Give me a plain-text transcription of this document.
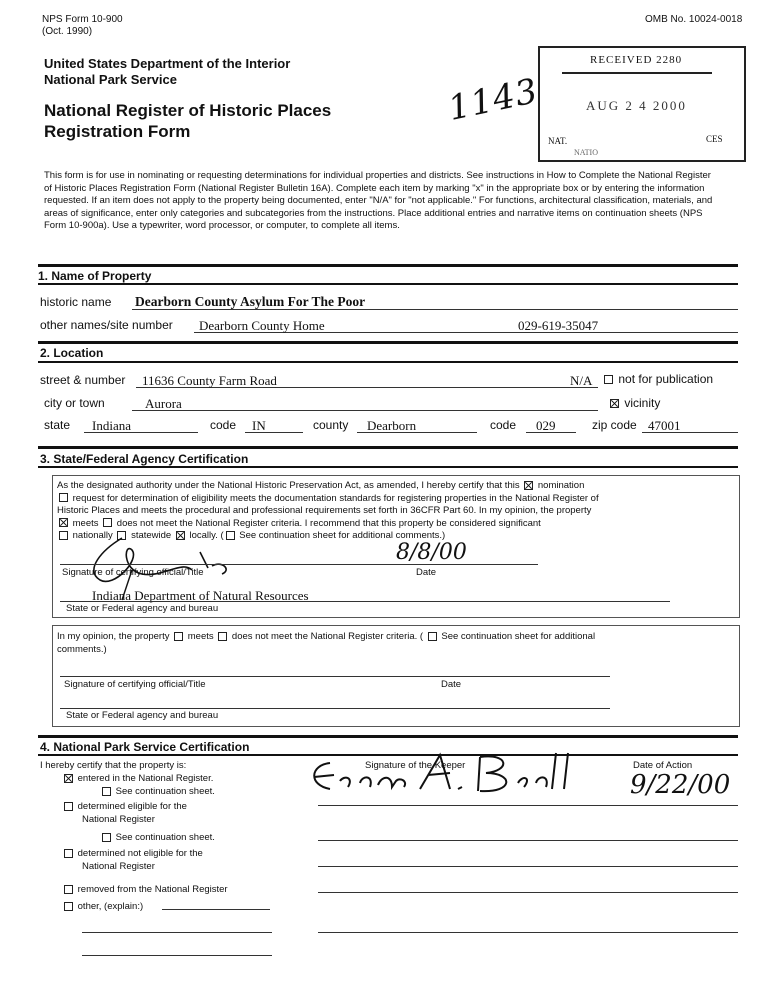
NPS Form 10-900
(Oct. 1990)
OMB No. 10024-0018
United States Department of the Interior
National Park Service
National Register of Historic Places
Registration Form
1143
RECEIVED 2280
AUG 2 4 2000
NAT.	CES
NATIO
This form is for use in nominating or requesting determinations for individual properties and districts. See instructions in How to Complete the National Register of Historic Places Registration Form (National Register Bulletin 16A). Complete each item by marking "x" in the appropriate box or by entering the information requested. If an item does not apply to the property being documented, enter "N/A" for "not applicable." For functions, architectural classification, materials, and areas of significance, enter only categories and subcategories from the instructions. Place additional entries and narrative items on continuation sheets (NPS Form 10-900a). Use a typewriter, word processor, or computer, to complete all items.
1. Name of Property
historic name Dearborn County Asylum For The Poor
other names/site number Dearborn County Home	029-619-35047
2. Location
street & number 11636 County Farm Road	N/A	not for publication
city or town	Aurora	vicinity
state Indiana	code IN	county Dearborn	code 029	zip code 47001
3. State/Federal Agency Certification
As the designated authority under the National Historic Preservation Act, as amended, I hereby certify that this nomination
request for determination of eligibility meets the documentation standards for registering properties in the National Register of
Historic Places and meets the procedural and professional requirements set forth in 36CFR Part 60. In my opinion, the property
meets does not meet the National Register criteria. I recommend that this property be considered significant
nationally statewide locally. ( See continuation sheet for additional comments.)
8/8/00
Signature of certifying official/Title	Date
Indiana Department of Natural Resources
State or Federal agency and bureau
In my opinion, the property meets does not meet the National Register criteria. ( See continuation sheet for additional
comments.)
Signature of certifying official/Title	Date
State or Federal agency and bureau
4. National Park Service Certification
I hereby certify that the property is:	Signature of the Keeper	Date of Action
entered in the National Register.
See continuation sheet.
determined eligible for the
National Register
See continuation sheet.
determined not eligible for the
National Register
removed from the National Register
other, (explain:)
9/22/00
